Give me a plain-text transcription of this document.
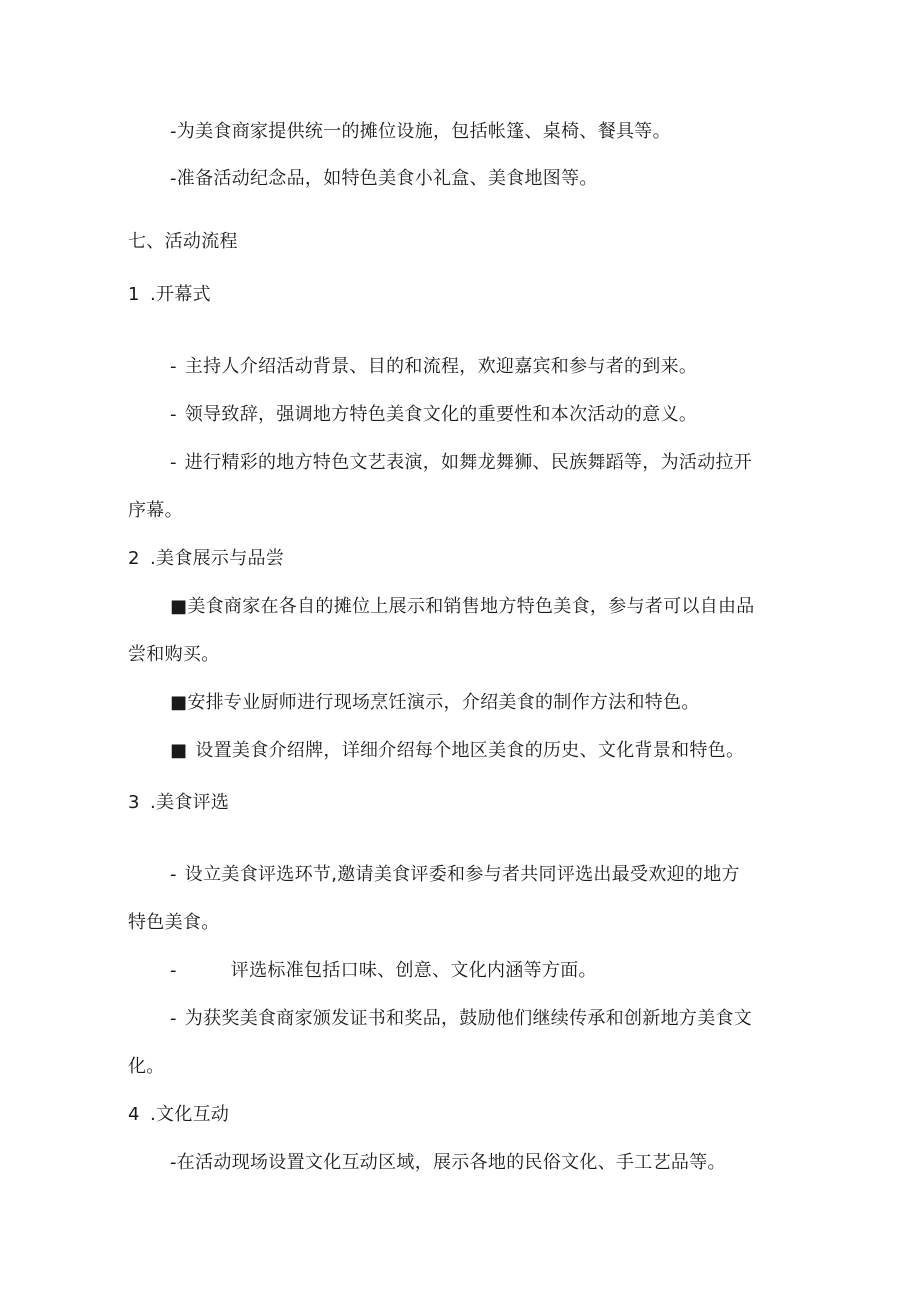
-为美食商家提供统一的摊位设施，包括帐篷、桌椅、餐具等。
-准备活动纪念品，如特色美食小礼盒、美食地图等。
七、活动流程
1 .开幕式
- 主持人介绍活动背景、目的和流程，欢迎嘉宾和参与者的到来。
- 领导致辞，强调地方特色美食文化的重要性和本次活动的意义。
- 进行精彩的地方特色文艺表演，如舞龙舞狮、民族舞蹈等，为活动拉开
序幕。
2 .美食展示与品尝
■美食商家在各自的摊位上展示和销售地方特色美食，参与者可以自由品
尝和购买。
■安排专业厨师进行现场烹饪演示，介绍美食的制作方法和特色。
■ 设置美食介绍牌，详细介绍每个地区美食的历史、文化背景和特色。
3 .美食评选
- 设立美食评选环节,邀请美食评委和参与者共同评选出最受欢迎的地方
特色美食。
-	评选标准包括口味、创意、文化内涵等方面。
- 为获奖美食商家颁发证书和奖品，鼓励他们继续传承和创新地方美食文
化。
4 .文化互动
-在活动现场设置文化互动区域，展示各地的民俗文化、手工艺品等。
